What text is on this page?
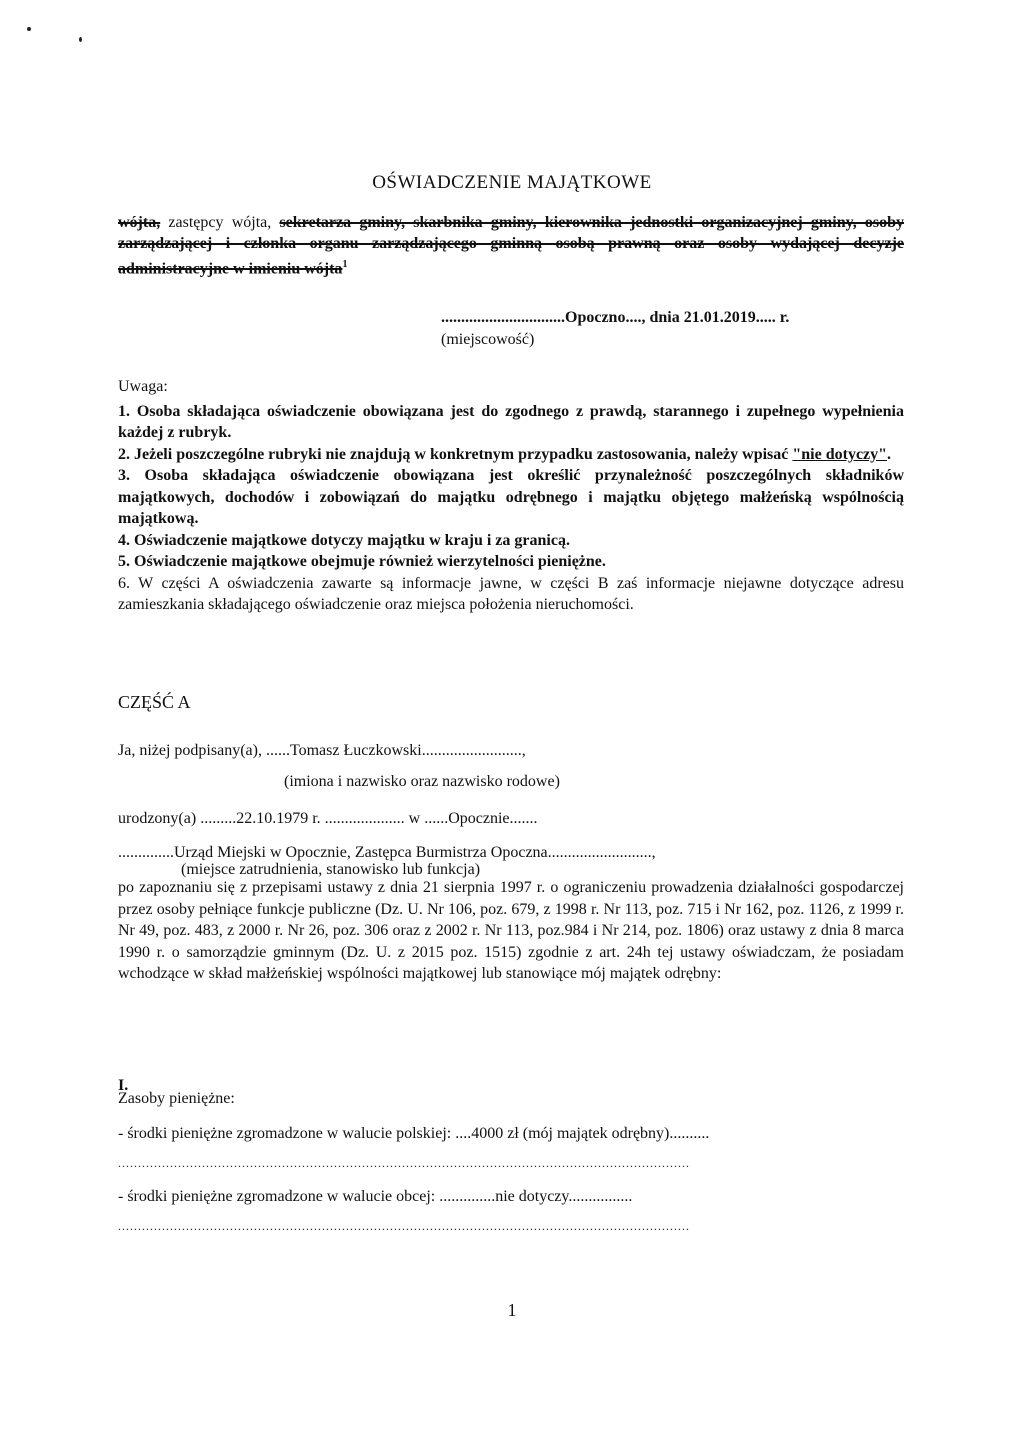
OŚWIADCZENIE MAJĄTKOWE
wójta, zastępcy wójta, sekretarza gminy, skarbnika gminy, kierownika jednostki organizacyjnej gminy, osoby zarządzającej i członka organu zarządzającego gminną osobą prawną oraz osoby wydającej decyzje administracyjne w imieniu wójta$^1$
...............................Opoczno...., dnia 21.01.2019..... r.
(miejscowość)

Uwaga:

1. Osoba składająca oświadczenie obowiązana jest do zgodnego z prawdą, starannego i zupełnego wypełnienia każdej z rubryk.

2. Jeżeli poszczególne rubryki nie znajdują w konkretnym przypadku zastosowania, należy wpisać "nie dotyczy".

3. Osoba składająca oświadczenie obowiązana jest określić przynależność poszczególnych składników majątkowych, dochodów i zobowiązań do majątku odrębnego i majątku objętego małżeńską wspólnością majątkową.

4. Oświadczenie majątkowe dotyczy majątku w kraju i za granicą.

5. Oświadczenie majątkowe obejmuje również wierzytelności pieniężne.

6. W części A oświadczenia zawarte są informacje jawne, w części B zaś informacje niejawne dotyczące adresu zamieszkania składającego oświadczenie oraz miejsca położenia nieruchomości.

CZĘŚĆ A
Ja, niżej podpisany(a), ......Tomasz Łuczkowski.........................,
(imiona i nazwisko oraz nazwisko rodowe)
urodzony(a) .........22.10.1979 r. .................... w ......Opocznie.......
..............Urząd Miejski w Opocznie, Zastępca Burmistrza Opoczna..........................,
(miejsce zatrudnienia, stanowisko lub funkcja)
po zapoznaniu się z przepisami ustawy z dnia 21 sierpnia 1997 r. o ograniczeniu prowadzenia działalności gospodarczej przez osoby pełniące funkcje publiczne (Dz. U. Nr 106, poz. 679, z 1998 r. Nr 113, poz. 715 i Nr 162, poz. 1126, z 1999 r. Nr 49, poz. 483, z 2000 r. Nr 26, poz. 306 oraz z 2002 r. Nr 113, poz.984 i Nr 214, poz. 1806) oraz ustawy z dnia 8 marca 1990 r. o samorządzie gminnym (Dz. U. z 2015 poz. 1515) zgodnie z art. 24h tej ustawy oświadczam, że posiadam wchodzące w skład małżeńskiej wspólności majątkowej lub stanowiące mój majątek odrębny:
I.
Zasoby pieniężne:
- środki pieniężne zgromadzone w walucie polskiej: ....4000 zł (mój majątek odrębny)..........
...............................................................................................................................................
- środki pieniężne zgromadzone w walucie obcej: ..............nie dotyczy................
...............................................................................................................................................
1
